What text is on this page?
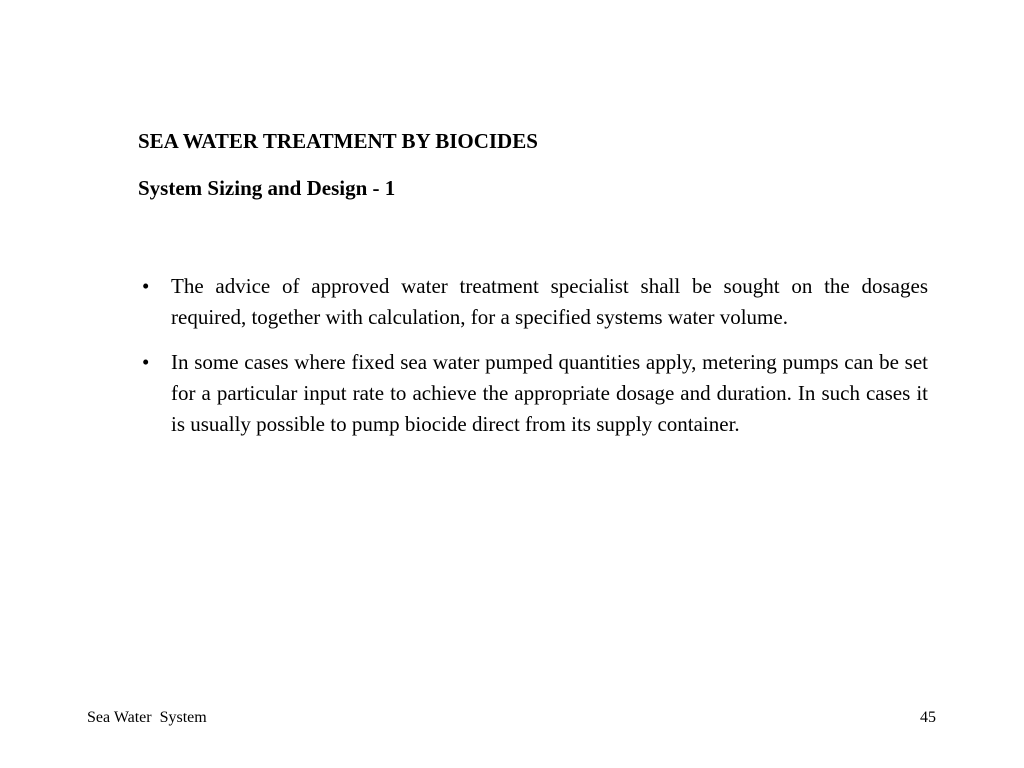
SEA WATER TREATMENT BY BIOCIDES
System Sizing and Design - 1
• The advice of approved water treatment specialist shall be sought on the dosages required, together with calculation, for a specified systems water volume.
• In some cases where fixed sea water pumped quantities apply, metering pumps can be set for a particular input rate to achieve the appropriate dosage and duration. In such cases it is usually possible to pump biocide direct from its supply container.
Sea Water  System	45
